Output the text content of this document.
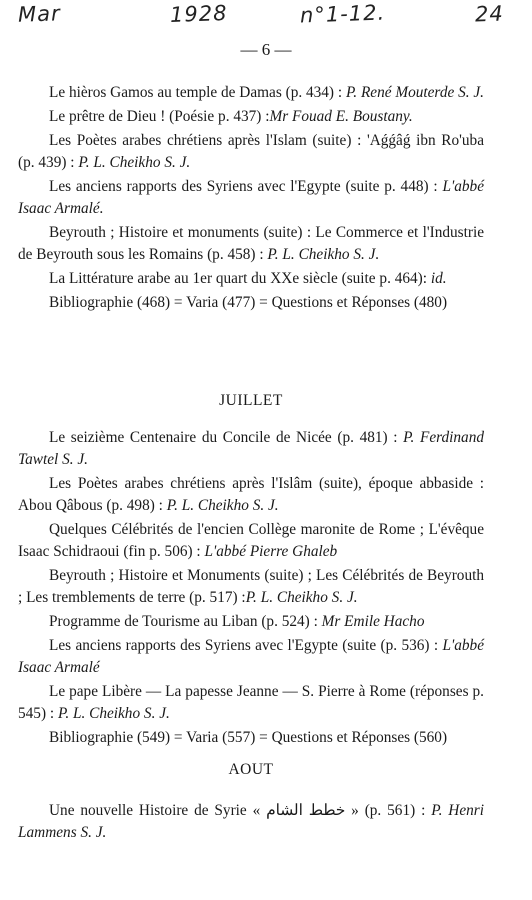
Mar	1928	n°1-12.	24
— 6 —

Le hièros Gamos au temple de Damas (p. 434) : P. René Mouterde S. J.

Le prêtre de Dieu ! (Poésie p. 437) :Mr Fouad E. Boustany.

Les Poètes arabes chrétiens après l'Islam (suite) : 'Aǵǵâǵ ibn Ro'uba (p. 439) : P. L. Cheikho S. J.

Les anciens rapports des Syriens avec l'Egypte (suite p. 448) : L'abbé Isaac Armalé.

Beyrouth ; Histoire et monuments (suite) : Le Commerce et l'Industrie de Beyrouth sous les Romains (p. 458) : P. L. Cheikho S. J.

La Littérature arabe au 1er quart du XXe siècle (suite p. 464): id.

Bibliographie (468) = Varia (477) = Questions et Réponses (480)

JUILLET

Le seizième Centenaire du Concile de Nicée (p. 481) : P. Ferdinand Tawtel S. J.

Les Poètes arabes chrétiens après l'Islâm (suite), époque abbaside : Abou Qâbous (p. 498) : P. L. Cheikho S. J.

Quelques Célébrités de l'encien Collège maronite de Rome ; L'évêque Isaac Schidraoui (fin p. 506) : L'abbé Pierre Ghaleb

Beyrouth ; Histoire et Monuments (suite) ; Les Célébrités de Beyrouth ; Les tremblements de terre (p. 517) :P. L. Cheikho S. J.

Programme de Tourisme au Liban (p. 524) : Mr Emile Hacho

Les anciens rapports des Syriens avec l'Egypte (suite (p. 536) : L'abbé Isaac Armalé

Le pape Libère — La papesse Jeanne — S. Pierre à Rome (réponses p. 545) : P. L. Cheikho S. J.

Bibliographie (549) = Varia (557) = Questions et Réponses (560)

AOUT

Une nouvelle Histoire de Syrie « خطط الشام » (p. 561) : P. Henri Lammens S. J.
